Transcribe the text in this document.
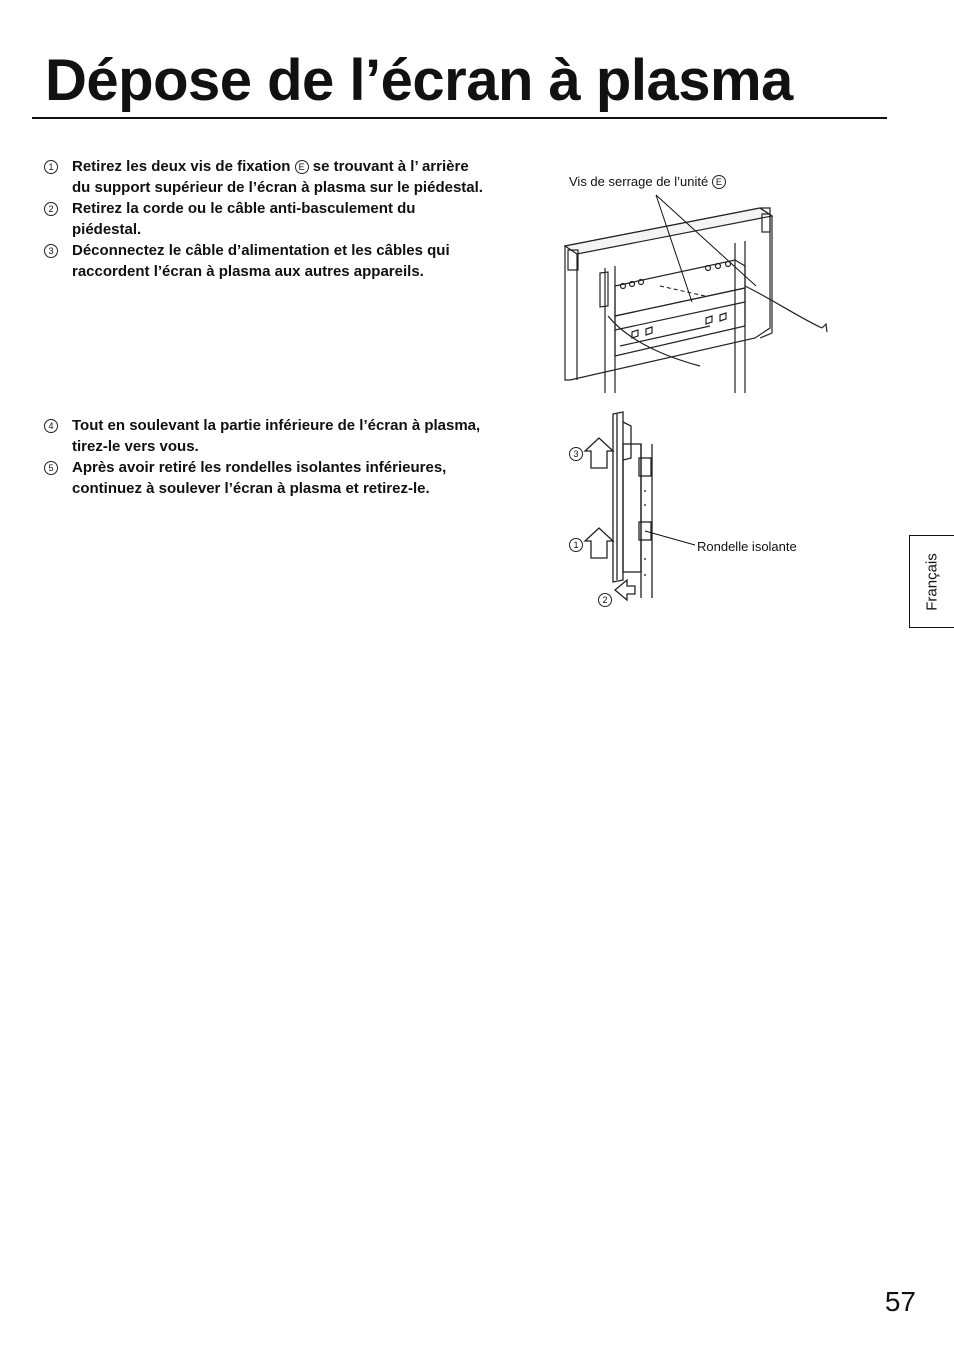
Dépose de l’écran à plasma
1	Retirez les deux vis de fixation E se trouvant à l’ arrière du support supérieur de l’écran à plasma sur le piédestal.
2	Retirez la corde ou le câble anti-basculement du piédestal.
3	Déconnectez le câble d’alimentation et les câbles qui raccordent l’écran à plasma aux autres appareils.
4	Tout en soulevant la partie inférieure de l’écran à plasma, tirez-le vers vous.
5	Après avoir retiré les rondelles isolantes inférieures, continuez à soulever l’écran à plasma et retirez-le.
Vis de serrage de l’unité E
3
1
2
Rondelle isolante
Français
57
